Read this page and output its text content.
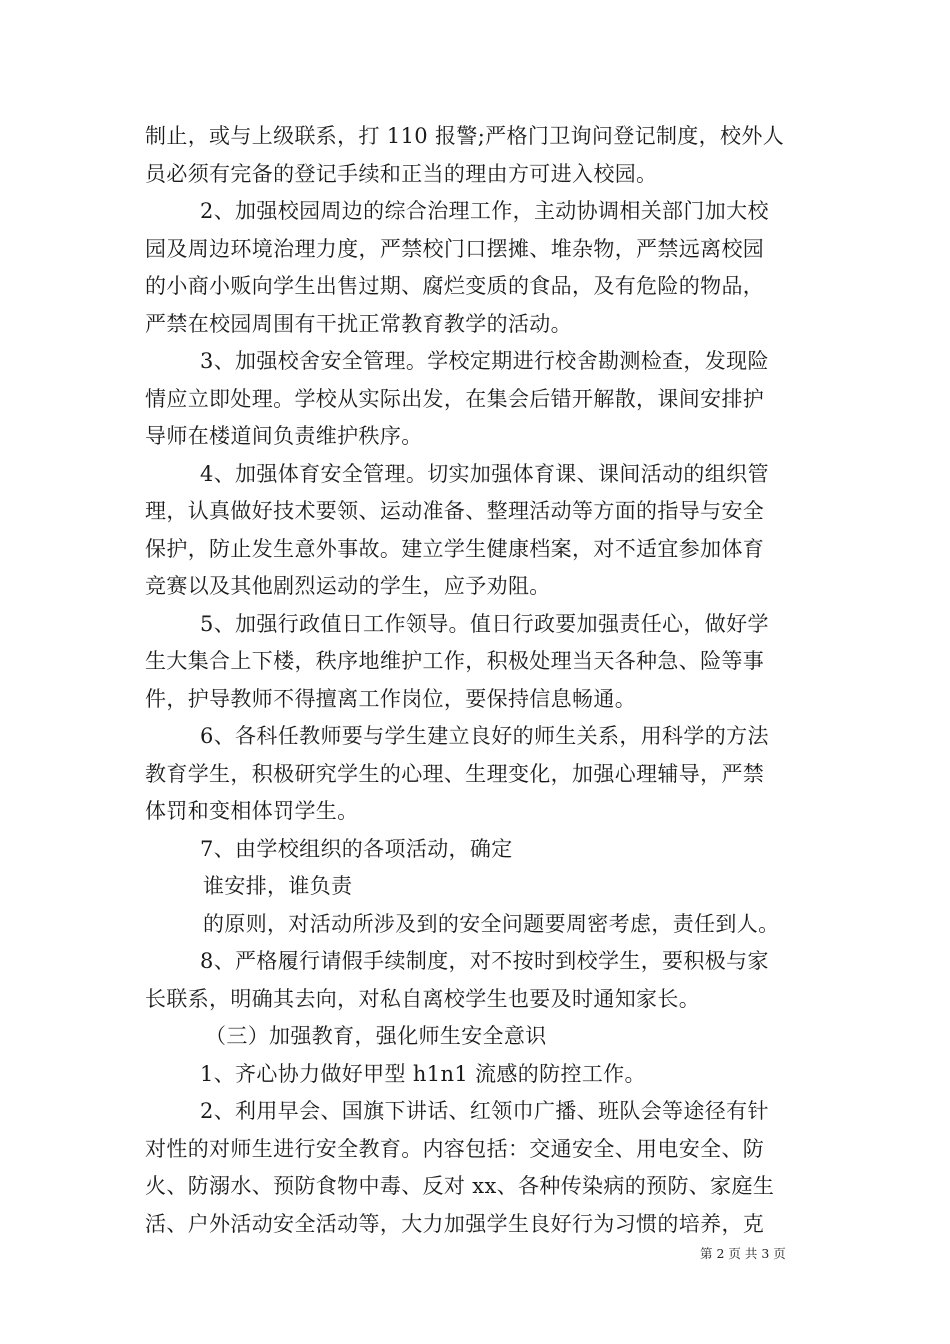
制止，或与上级联系，打 110 报警;严格门卫询问登记制度，校外人
员必须有完备的登记手续和正当的理由方可进入校园。
2、加强校园周边的综合治理工作，主动协调相关部门加大校
园及周边环境治理力度，严禁校门口摆摊、堆杂物，严禁远离校园
的小商小贩向学生出售过期、腐烂变质的食品，及有危险的物品，
严禁在校园周围有干扰正常教育教学的活动。
3、加强校舍安全管理。学校定期进行校舍勘测检查，发现险
情应立即处理。学校从实际出发，在集会后错开解散，课间安排护
导师在楼道间负责维护秩序。
4、加强体育安全管理。切实加强体育课、课间活动的组织管
理，认真做好技术要领、运动准备、整理活动等方面的指导与安全
保护，防止发生意外事故。建立学生健康档案，对不适宜参加体育
竞赛以及其他剧烈运动的学生，应予劝阻。
5、加强行政值日工作领导。值日行政要加强责任心，做好学
生大集合上下楼，秩序地维护工作，积极处理当天各种急、险等事
件，护导教师不得擅离工作岗位，要保持信息畅通。
6、各科任教师要与学生建立良好的师生关系，用科学的方法
教育学生，积极研究学生的心理、生理变化，加强心理辅导，严禁
体罚和变相体罚学生。
7、由学校组织的各项活动，确定
谁安排，谁负责
的原则，对活动所涉及到的安全问题要周密考虑，责任到人。
8、严格履行请假手续制度，对不按时到校学生，要积极与家
长联系，明确其去向，对私自离校学生也要及时通知家长。
（三）加强教育，强化师生安全意识
1、齐心协力做好甲型 h1n1 流感的防控工作。
2、利用早会、国旗下讲话、红领巾广播、班队会等途径有针
对性的对师生进行安全教育。内容包括：交通安全、用电安全、防
火、防溺水、预防食物中毒、反对 xx、各种传染病的预防、家庭生
活、户外活动安全活动等，大力加强学生良好行为习惯的培养，克
第 2 页 共 3 页
